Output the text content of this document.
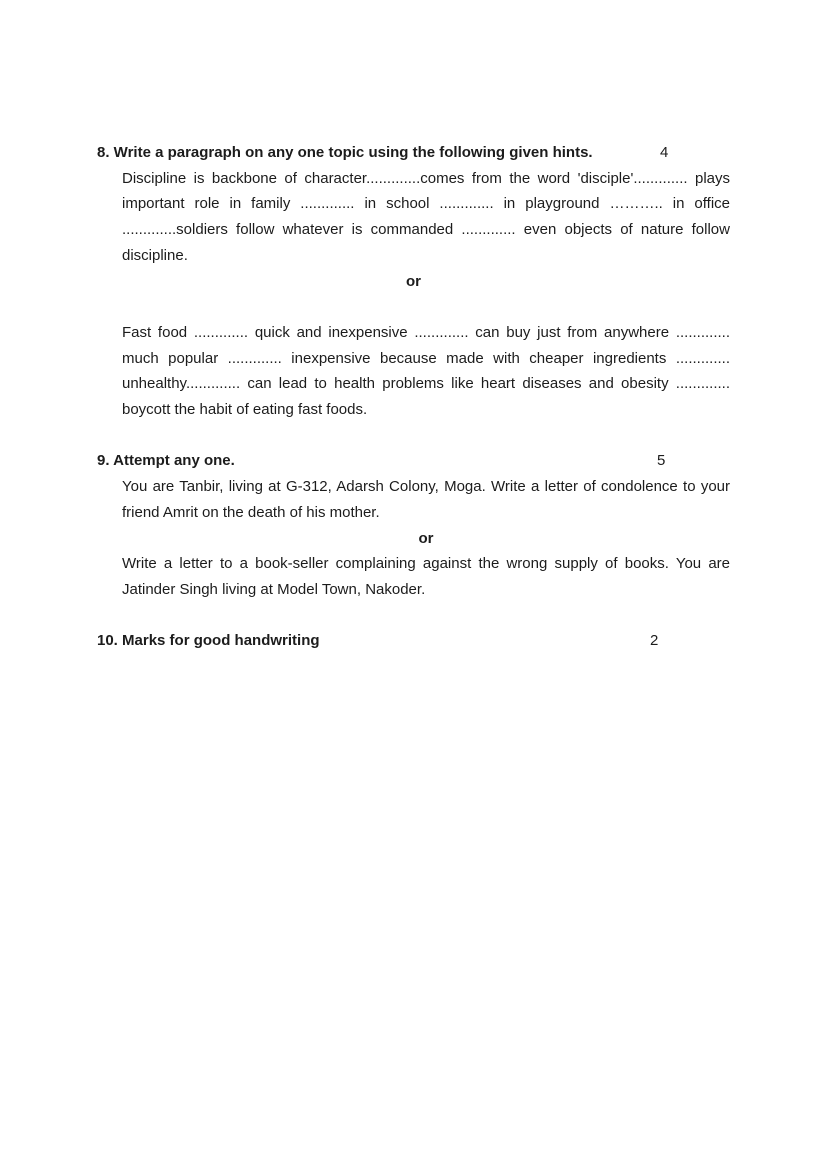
8. Write a paragraph on any one topic using the following given hints.	4
Discipline is backbone of character.............comes from the word 'disciple'............. plays
important role in family ............. in school ............. in playground ……….. in office
.............soldiers follow whatever is commanded ............. even objects of nature follow
discipline.
or
Fast food ............. quick and inexpensive ............. can buy just from anywhere .............
much popular ............. inexpensive because made with cheaper ingredients .............
unhealthy............. can lead to health problems like heart diseases and obesity .............
boycott the habit of eating fast foods.
9. Attempt any one.	5
You are Tanbir, living at G-312, Adarsh Colony, Moga. Write a letter of condolence to your
friend Amrit on the death of his mother.
or
Write a letter to a book-seller complaining against the wrong supply of books. You are
Jatinder Singh living at Model Town, Nakoder.
10. Marks for good handwriting	2
